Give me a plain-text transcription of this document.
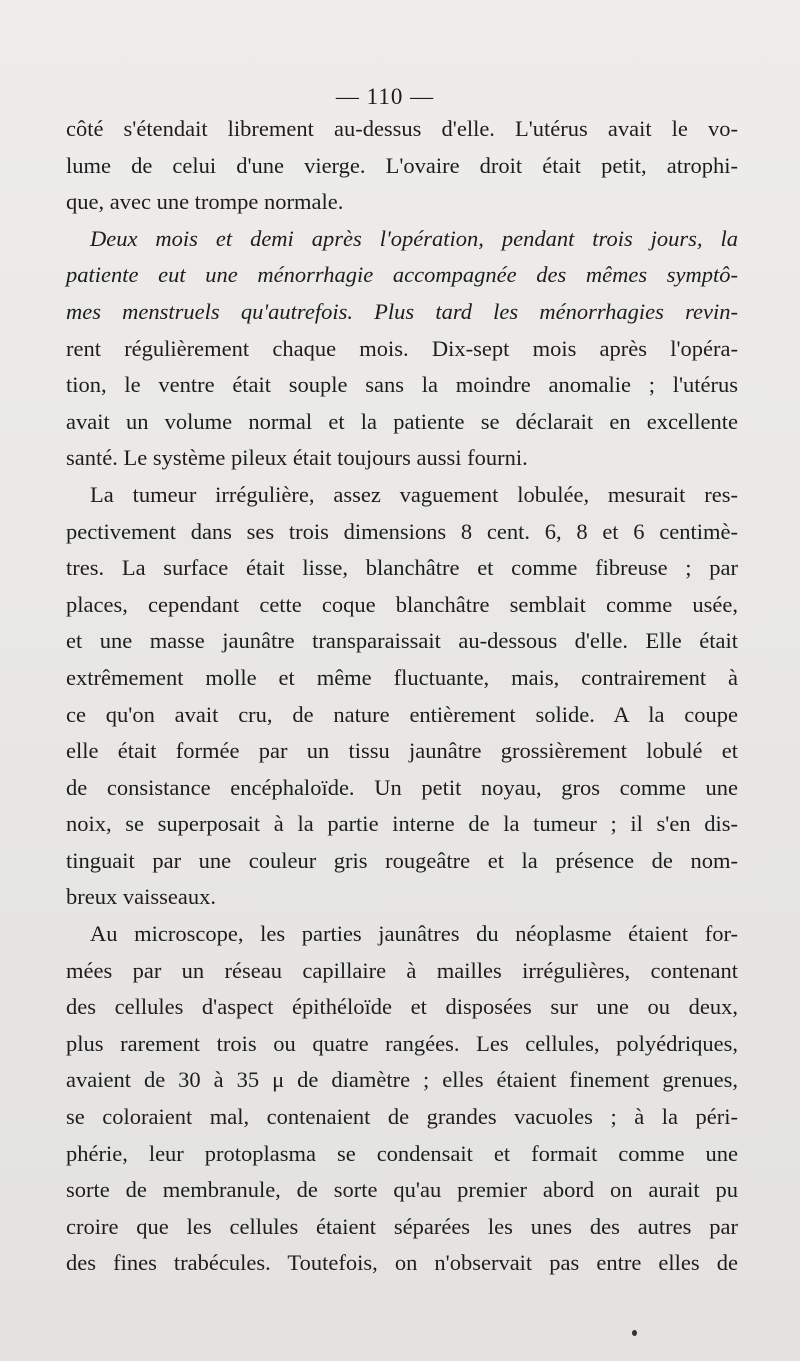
— 110 —
côté s'étendait librement au-dessus d'elle. L'utérus avait le vo-
lume de celui d'une vierge. L'ovaire droit était petit, atrophi-
que, avec une trompe normale.
Deux mois et demi après l'opération, pendant trois jours, la
patiente eut une ménorrhagie accompagnée des mêmes symptô-
mes menstruels qu'autrefois. Plus tard les ménorrhagies revin-
rent régulièrement chaque mois. Dix-sept mois après l'opéra-
tion, le ventre était souple sans la moindre anomalie ; l'utérus
avait un volume normal et la patiente se déclarait en excellente
santé. Le système pileux était toujours aussi fourni.
La tumeur irrégulière, assez vaguement lobulée, mesurait res-
pectivement dans ses trois dimensions 8 cent. 6, 8 et 6 centimè-
tres. La surface était lisse, blanchâtre et comme fibreuse ; par
places, cependant cette coque blanchâtre semblait comme usée,
et une masse jaunâtre transparaissait au-dessous d'elle. Elle était
extrêmement molle et même fluctuante, mais, contrairement à
ce qu'on avait cru, de nature entièrement solide. A la coupe
elle était formée par un tissu jaunâtre grossièrement lobulé et
de consistance encéphaloïde. Un petit noyau, gros comme une
noix, se superposait à la partie interne de la tumeur ; il s'en dis-
tinguait par une couleur gris rougeâtre et la présence de nom-
breux vaisseaux.
Au microscope, les parties jaunâtres du néoplasme étaient for-
mées par un réseau capillaire à mailles irrégulières, contenant
des cellules d'aspect épithéloïde et disposées sur une ou deux,
plus rarement trois ou quatre rangées. Les cellules, polyédriques,
avaient de 30 à 35 μ de diamètre ; elles étaient finement grenues,
se coloraient mal, contenaient de grandes vacuoles ; à la péri-
phérie, leur protoplasma se condensait et formait comme une
sorte de membranule, de sorte qu'au premier abord on aurait pu
croire que les cellules étaient séparées les unes des autres par
des fines trabécules. Toutefois, on n'observait pas entre elles de
